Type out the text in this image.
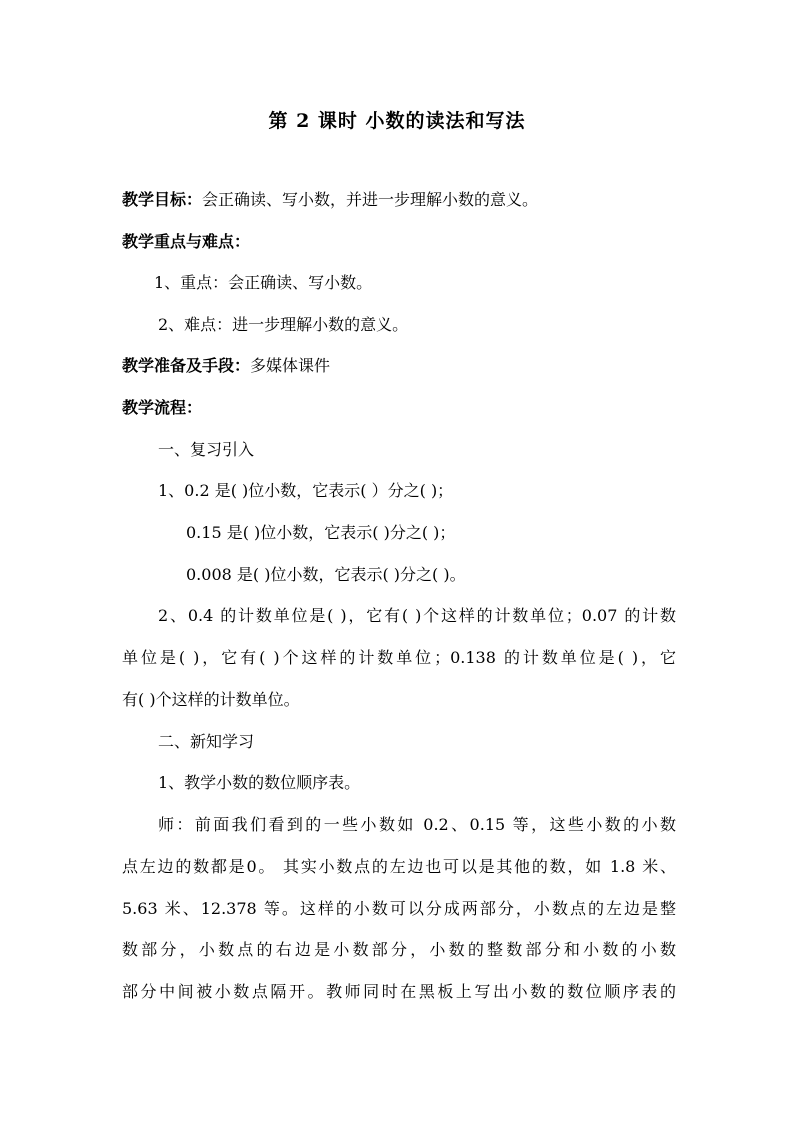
第 2 课时 小数的读法和写法
教学目标：会正确读、写小数，并进一步理解小数的意义。
教学重点与难点：
1、重点：会正确读、写小数。
2、难点：进一步理解小数的意义。
教学准备及手段：多媒体课件
教学流程：
一、复习引入
1、0.2 是( )位小数，它表示( ）分之( )；
0.15 是( )位小数，它表示( )分之( )；
0.008 是( )位小数，它表示( )分之( )。
2、0.4 的计数单位是( )，它有( )个这样的计数单位；0.07 的计数
单位是( )，它有( )个这样的计数单位；0.138 的计数单位是( )，它
有( )个这样的计数单位。
二、新知学习
1、教学小数的数位顺序表。
师：前面我们看到的一些小数如 0.2、0.15 等，这些小数的小数
点左边的数都是0。 其实小数点的左边也可以是其他的数，如 1.8 米、
5.63 米、12.378 等。这样的小数可以分成两部分，小数点的左边是整
数部分，小数点的右边是小数部分，小数的整数部分和小数的小数
部分中间被小数点隔开。教师同时在黑板上写出小数的数位顺序表的
